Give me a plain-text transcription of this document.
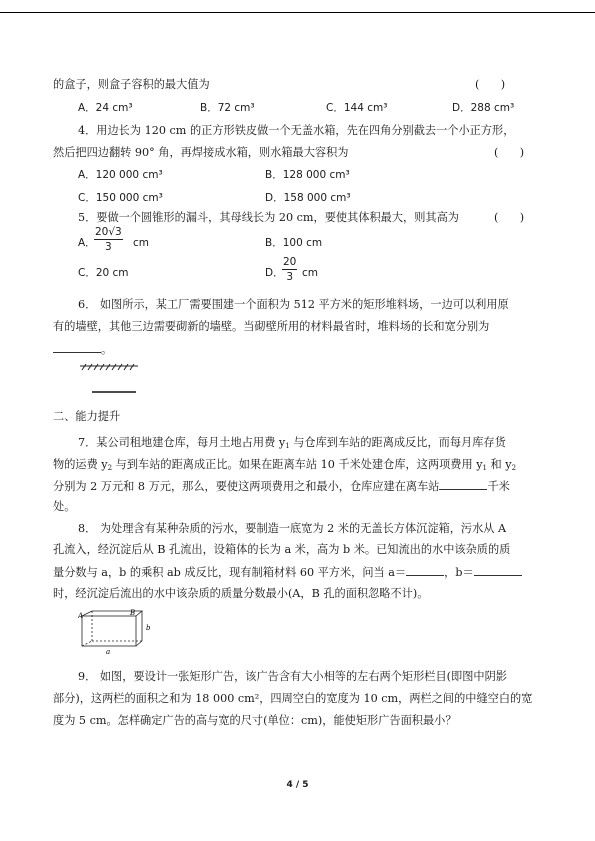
的盒子，则盒子容积的最大值为	(      )
A．24 cm³	B．72 cm³	C．144 cm³	D．288 cm³
4．用边长为 120 cm 的正方形铁皮做一个无盖水箱，先在四角分别截去一个小正方形，
然后把四边翻转 90° 角，再焊接成水箱，则水箱最大容积为	(      )
A．120 000 cm³	B．128 000 cm³
C．150 000 cm³	D．158 000 cm³
5．要做一个圆锥形的漏斗，其母线长为 20 cm，要使其体积最大，则其高为	(      )
A．
20√3
3	cm	B．100 cm
C．20 cm	D．
20
3 cm
6． 如图所示，某工厂需要围建一个面积为 512 平方米的矩形堆料场，一边可以利用原
有的墙壁，其他三边需要砌新的墙壁。当砌壁所用的材料最省时，堆料场的长和宽分别为
。
二、能力提升
7．某公司租地建仓库，每月土地占用费 $y_1$ 与仓库到车站的距离成反比，而每月库存货
物的运费 $y_2$ 与到车站的距离成正比。如果在距离车站 10 千米处建仓库，这两项费用 $y_1$ 和 $y_2$
分别为 2 万元和 8 万元，那么，要使这两项费用之和最小，仓库应建在离车站	千米
处。
8． 为处理含有某种杂质的污水，要制造一底宽为 2 米的无盖长方体沉淀箱，污水从 A
孔流入，经沉淀后从 B 孔流出，设箱体的长为 a 米，高为 b 米。已知流出的水中该杂质的质
量分数与 a，b 的乘积 ab 成反比，现有制箱材料 60 平方米，问当 a＝	，b＝
时，经沉淀后流出的水中该杂质的质量分数最小(A，B 孔的面积忽略不计)。
A	B
b
a
9． 如图，要设计一张矩形广告，该广告含有大小相等的左右两个矩形栏目(即图中阴影
部分)，这两栏的面积之和为 18 000 cm²，四周空白的宽度为 10 cm，两栏之间的中缝空白的宽
度为 5 cm。怎样确定广告的高与宽的尺寸(单位：cm)，能使矩形广告面积最小？
4 / 5
